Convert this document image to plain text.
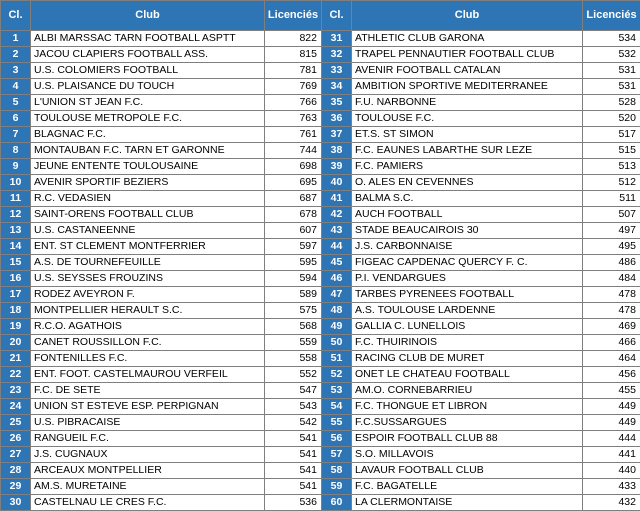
Cl.	Club	Licenciés	Cl.	Club	Licenciés
1	ALBI MARSSAC TARN FOOTBALL ASPTT	822	31	ATHLETIC CLUB GARONA	534
2	JACOU CLAPIERS FOOTBALL ASS.	815	32	TRAPEL PENNAUTIER FOOTBALL CLUB	532
3	U.S. COLOMIERS FOOTBALL	781	33	AVENIR FOOTBALL CATALAN	531
4	U.S. PLAISANCE DU TOUCH	769	34	AMBITION SPORTIVE MEDITERRANEE	531
5	L'UNION ST JEAN F.C.	766	35	F.U. NARBONNE	528
6	TOULOUSE METROPOLE F.C.	763	36	TOULOUSE F.C.	520
7	BLAGNAC F.C.	761	37	ET.S. ST SIMON	517
8	MONTAUBAN F.C. TARN ET GARONNE	744	38	F.C. EAUNES LABARTHE SUR LEZE	515
9	JEUNE ENTENTE TOULOUSAINE	698	39	F.C. PAMIERS	513
10	AVENIR SPORTIF BEZIERS	695	40	O. ALES EN CEVENNES	512
11	R.C. VEDASIEN	687	41	BALMA S.C.	511
12	SAINT-ORENS FOOTBALL CLUB	678	42	AUCH FOOTBALL	507
13	U.S. CASTANEENNE	607	43	STADE BEAUCAIROIS 30	497
14	ENT. ST CLEMENT MONTFERRIER	597	44	J.S. CARBONNAISE	495
15	A.S. DE TOURNEFEUILLE	595	45	FIGEAC CAPDENAC QUERCY F. C.	486
16	U.S. SEYSSES FROUZINS	594	46	P.I. VENDARGUES	484
17	RODEZ AVEYRON F.	589	47	TARBES PYRENEES FOOTBALL	478
18	MONTPELLIER HERAULT S.C.	575	48	A.S. TOULOUSE LARDENNE	478
19	R.C.O. AGATHOIS	568	49	GALLIA C. LUNELLOIS	469
20	CANET ROUSSILLON F.C.	559	50	F.C. THUIRINOIS	466
21	FONTENILLES F.C.	558	51	RACING CLUB DE MURET	464
22	ENT. FOOT. CASTELMAUROU VERFEIL	552	52	ONET LE CHATEAU FOOTBALL	456
23	F.C. DE SETE	547	53	AM.O. CORNEBARRIEU	455
24	UNION ST ESTEVE ESP. PERPIGNAN	543	54	F.C. THONGUE ET LIBRON	449
25	U.S. PIBRACAISE	542	55	F.C.SUSSARGUES	449
26	RANGUEIL F.C.	541	56	ESPOIR FOOTBALL CLUB 88	444
27	J.S. CUGNAUX	541	57	S.O. MILLAVOIS	441
28	ARCEAUX MONTPELLIER	541	58	LAVAUR FOOTBALL CLUB	440
29	AM.S. MURETAINE	541	59	F.C. BAGATELLE	433
30	CASTELNAU LE CRES F.C.	536	60	LA CLERMONTAISE	432
